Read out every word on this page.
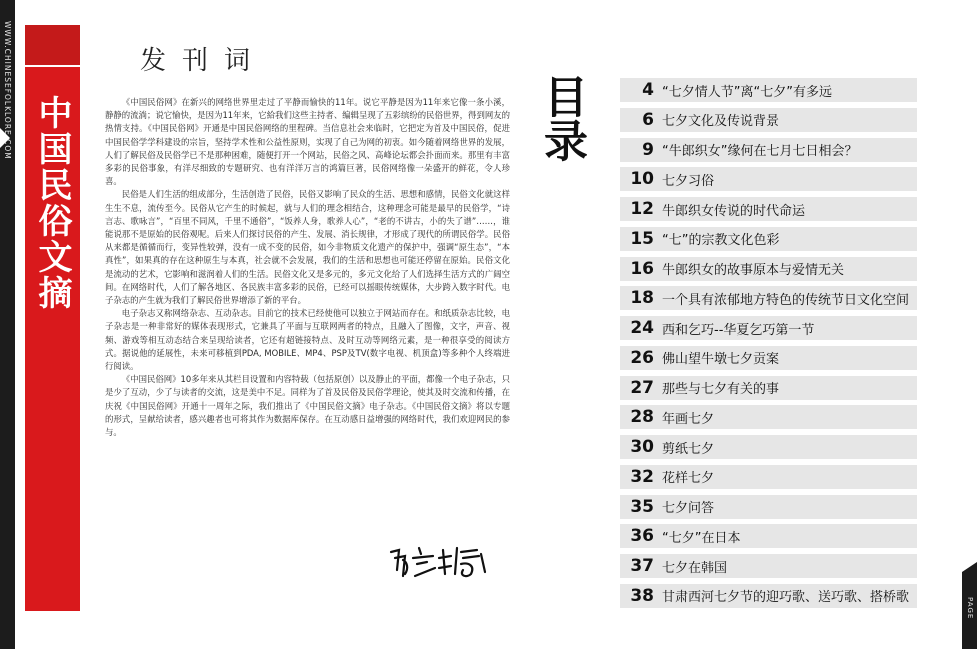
WWW.CHINESEFOLKLORE.COM
中国民俗文摘
发刊词

《中国民俗网》在新兴的网络世界里走过了平静而愉快的11年。说它平静是因为11年来它像一条小溪，静静的流淌；说它愉快，是因为11年来，它給我们这些主持者、编辑呈现了五彩缤纷的民俗世界，得到网友的热情支持。《中国民俗网》开通是中国民俗网络的里程碑。当信息社会来临时，它把定为首及中国民俗，促进中国民俗学学科建设的宗旨，坚持学术性和公益性原则，实现了自己为网的初衷。如今随着网络世界的发展，人们了解民俗及民俗学已不是那种困难，随便打开一个网站，民俗之风、高峰论坛都会扑面而来。那里有丰富多彩的民俗事象，有洋尽细致的专题研究、也有洋洋万言的鸿篇巨著，民俗网络像一朵盛开的鲜花，令人珍喜。

民俗是人们生活的组成部分，生活创造了民俗，民俗又影响了民众的生活、思想和感情，民俗文化就这样生生不息，流传至今。民俗从它产生的时候起，就与人们的理念相结合，这种理念可能是最早的民俗学，“诗言志、歌咏言”，“百里不同风，千里不通俗”，“饭养人身，歌养人心”，“老的不讲古，小的失了谱”……，谁能说那不是原始的民俗观呢。后来人们探讨民俗的产生、发展、消长规律，才形成了现代的所谓民俗学。民俗从来都是循循而行，变异性较弹，没有一成不变的民俗，如今非物质文化遗产的保护中，强调“原生态”，“本真性”，如果真的存在这种原生与本真，社会就不会发展，我们的生活和思想也可能还停留在原始。民俗文化是流动的艺术，它影响和滋润着人们的生活。民俗文化又是多元的，多元文化给了人们选择生活方式的广阔空间。在网络时代，人们了解各地区、各民族丰富多彩的民俗，已经可以摇眼传统媒体，大步跨入数字时代。电子杂志的产生就为我们了解民俗世界增添了新的平台。

电子杂志又称网络杂志、互动杂志。目前它的技术已经使他可以独立于网站而存在。和纸质杂志比较，电子杂志是一种非常好的媒体表现形式，它兼具了平面与互联网两者的特点，且融入了图像，文字，声音、视频、游戏等相互动态结合来呈现给读者，它还有超链接特点、及时互动等网络元素，是一种很享受的阅读方式。据说他的延展性，未来可移植到PDA, MOBILE、MP4、PSP及TV(数字电视、机顶盒)等多种个人终端进行阅读。

《中国民俗网》10多年来从其栏目设置和内容特载（包括原创）以及静止的平面，都像一个电子杂志，只是少了互动，少了与读者的交流，这是美中不足。同样为了首及民俗及民俗学理论，使其及时交流和传播，在庆祝《中国民俗网》开通十一周年之际，我们推出了《中国民俗文摘》电子杂志。《中国民俗文摘》将以专题的形式，呈献给读者，感兴趣者也可将其作为数据库保存。在互动感日益增强的网络时代，我们欢迎网民的参与。

目录	4 “七夕情人节”离“七夕”有多远
6 七夕文化及传说背景
9 “牛郎织女”缘何在七月七日相会？
10 七夕习俗
12 牛郎织女传说的时代命运
15 “七”的宗教文化色彩
16 牛郎织女的故事原本与爱情无关
18 一个具有浓郁地方特色的传统节日文化空间
24 西和乞巧--华夏乞巧第一节
26 佛山望牛墩七夕贡案
27 那些与七夕有关的事
28 年画七夕
30 剪纸七夕
32 花样七夕
35 七夕问答
36 “七夕”在日本
37 七夕在韩国
38 甘肃西河七夕节的迎巧歌、送巧歌、搭桥歌	PAGE
